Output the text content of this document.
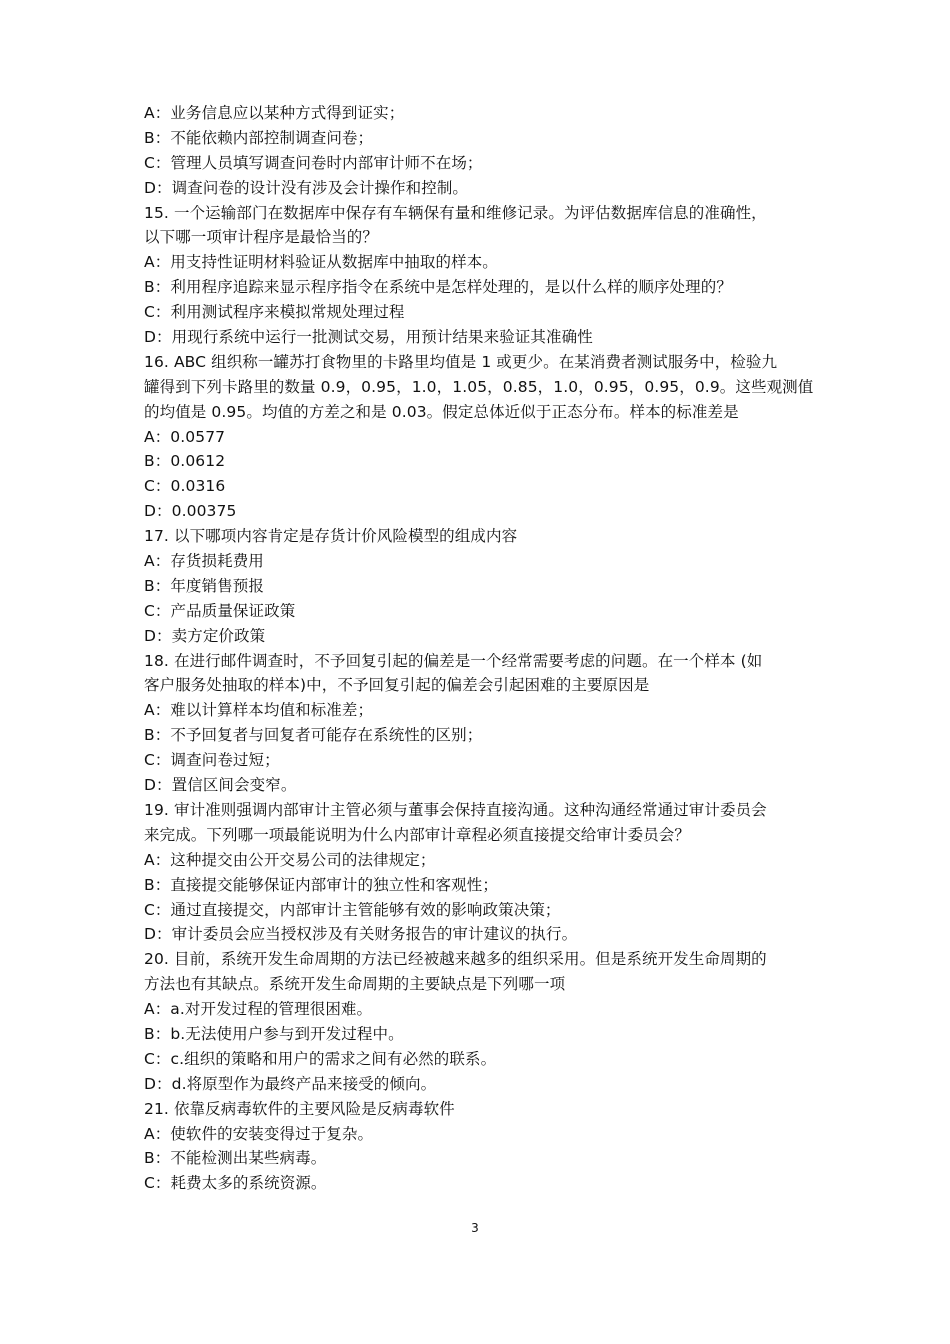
A：业务信息应以某种方式得到证实；
B：不能依赖内部控制调查问卷；
C：管理人员填写调查问卷时内部审计师不在场；
D：调查问卷的设计没有涉及会计操作和控制。
15. 一个运输部门在数据库中保存有车辆保有量和维修记录。为评估数据库信息的准确性，
以下哪一项审计程序是最恰当的？
A：用支持性证明材料验证从数据库中抽取的样本。
B：利用程序追踪来显示程序指令在系统中是怎样处理的，是以什么样的顺序处理的？
C：利用测试程序来模拟常规处理过程
D：用现行系统中运行一批测试交易，用预计结果来验证其准确性
16. ABC 组织称一罐苏打食物里的卡路里均值是 1 或更少。在某消费者测试服务中，检验九
罐得到下列卡路里的数量 0.9，0.95，1.0，1.05，0.85，1.0，0.95，0.95，0.9。这些观测值
的均值是 0.95。均值的方差之和是 0.03。假定总体近似于正态分布。样本的标准差是
A：0.0577
B：0.0612
C：0.0316
D：0.00375
17. 以下哪项内容肯定是存货计价风险模型的组成内容
A：存货损耗费用
B：年度销售预报
C：产品质量保证政策
D：卖方定价政策
18. 在进行邮件调查时，不予回复引起的偏差是一个经常需要考虑的问题。在一个样本 (如
客户服务处抽取的样本)中，不予回复引起的偏差会引起困难的主要原因是
A：难以计算样本均值和标准差；
B：不予回复者与回复者可能存在系统性的区别；
C：调查问卷过短；
D：置信区间会变窄。
19. 审计准则强调内部审计主管必须与董事会保持直接沟通。这种沟通经常通过审计委员会
来完成。下列哪一项最能说明为什么内部审计章程必须直接提交给审计委员会？
A：这种提交由公开交易公司的法律规定；
B：直接提交能够保证内部审计的独立性和客观性；
C：通过直接提交，内部审计主管能够有效的影响政策决策；
D：审计委员会应当授权涉及有关财务报告的审计建议的执行。
20. 目前，系统开发生命周期的方法已经被越来越多的组织采用。但是系统开发生命周期的
方法也有其缺点。系统开发生命周期的主要缺点是下列哪一项
A：a.对开发过程的管理很困难。
B：b.无法使用户参与到开发过程中。
C：c.组织的策略和用户的需求之间有必然的联系。
D：d.将原型作为最终产品来接受的倾向。
21. 依靠反病毒软件的主要风险是反病毒软件
A：使软件的安装变得过于复杂。
B：不能检测出某些病毒。
C：耗费太多的系统资源。
3
